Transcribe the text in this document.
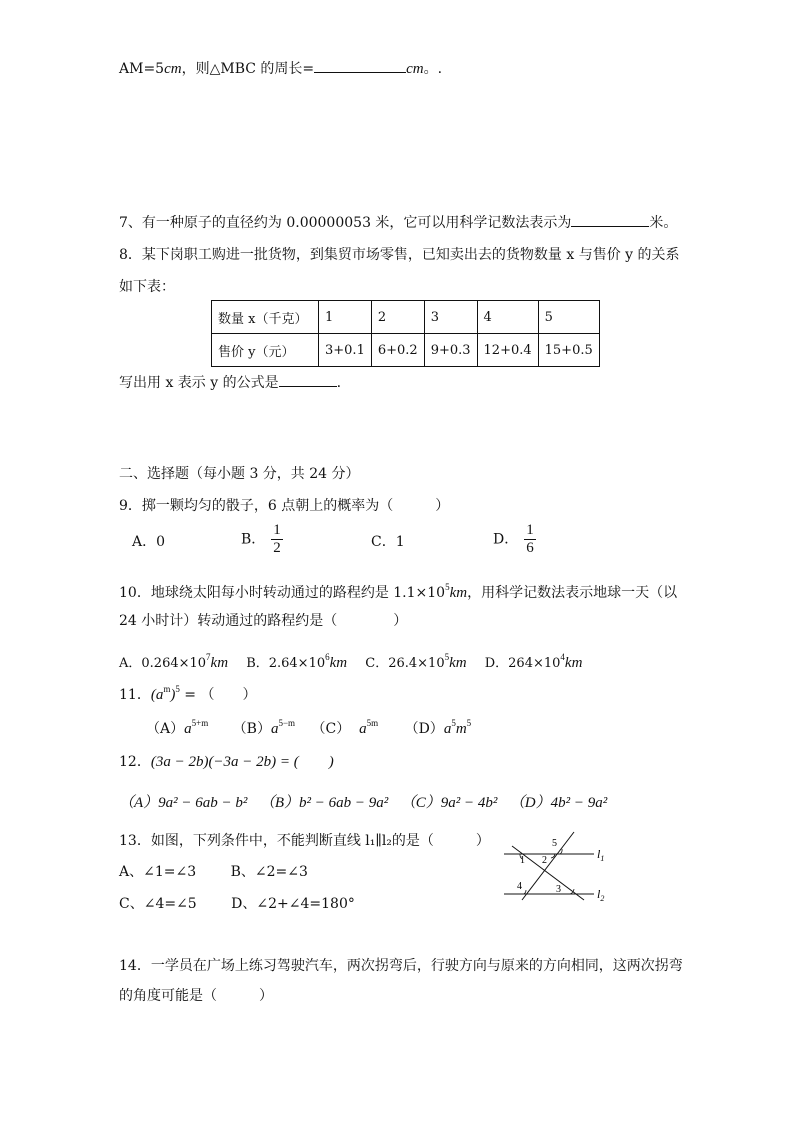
AM=5cm，则△MBC 的周长=	cm。.
7、有一种原子的直径约为 0.00000053 米，它可以用科学记数法表示为	米。
8．某下岗职工购进一批货物，到集贸市场零售，已知卖出去的货物数量 x 与售价 y 的关系
如下表：
数量 x（千克）	1	2	3	4	5
售价 y（元）	3+0.1	6+0.2	9+0.3	12+0.4	15+0.5
写出用 x 表示 y 的公式是	.
二、选择题（每小题 3 分，共 24 分）
9．掷一颗均匀的骰子，6 点朝上的概率为（　　　）
A．0	B． $\frac{1}{2}$	C．1	D． $\frac{1}{6}$
10．地球绕太阳每小时转动通过的路程约是 $1.1\times 10^5km$，用科学记数法表示地球一天（以
24 小时计）转动通过的路程约是（　　　　）
A．$0.264\times 10^7km$ B．$2.64\times 10^6km$ C．$26.4\times 10^5km$ D．$264\times 10^4km$
11．$(a^m)^5$ = （　　）
$(A)a^{5+m}$ $(B)a^{5-m}$ （C） $a^{5m}$ $(D)a^5m^5$
12．(3a − 2b)(−3a − 2b) = (　　)
（A）9a² − 6ab − b² （B）b² − 6ab − 9a² （C）9a² − 4b² （D）4b² − 9a²
13．如图，下列条件中，不能判断直线 l₁∥l₂的是（　　　）
A、∠1=∠3 B、∠2=∠3
C、∠4=∠5 D、∠2+∠4=180°
1 2
5
4	3
$l_1$
$l_2$
14．一学员在广场上练习驾驶汽车，两次拐弯后，行驶方向与原来的方向相同，这两次拐弯
的角度可能是（　　　）
